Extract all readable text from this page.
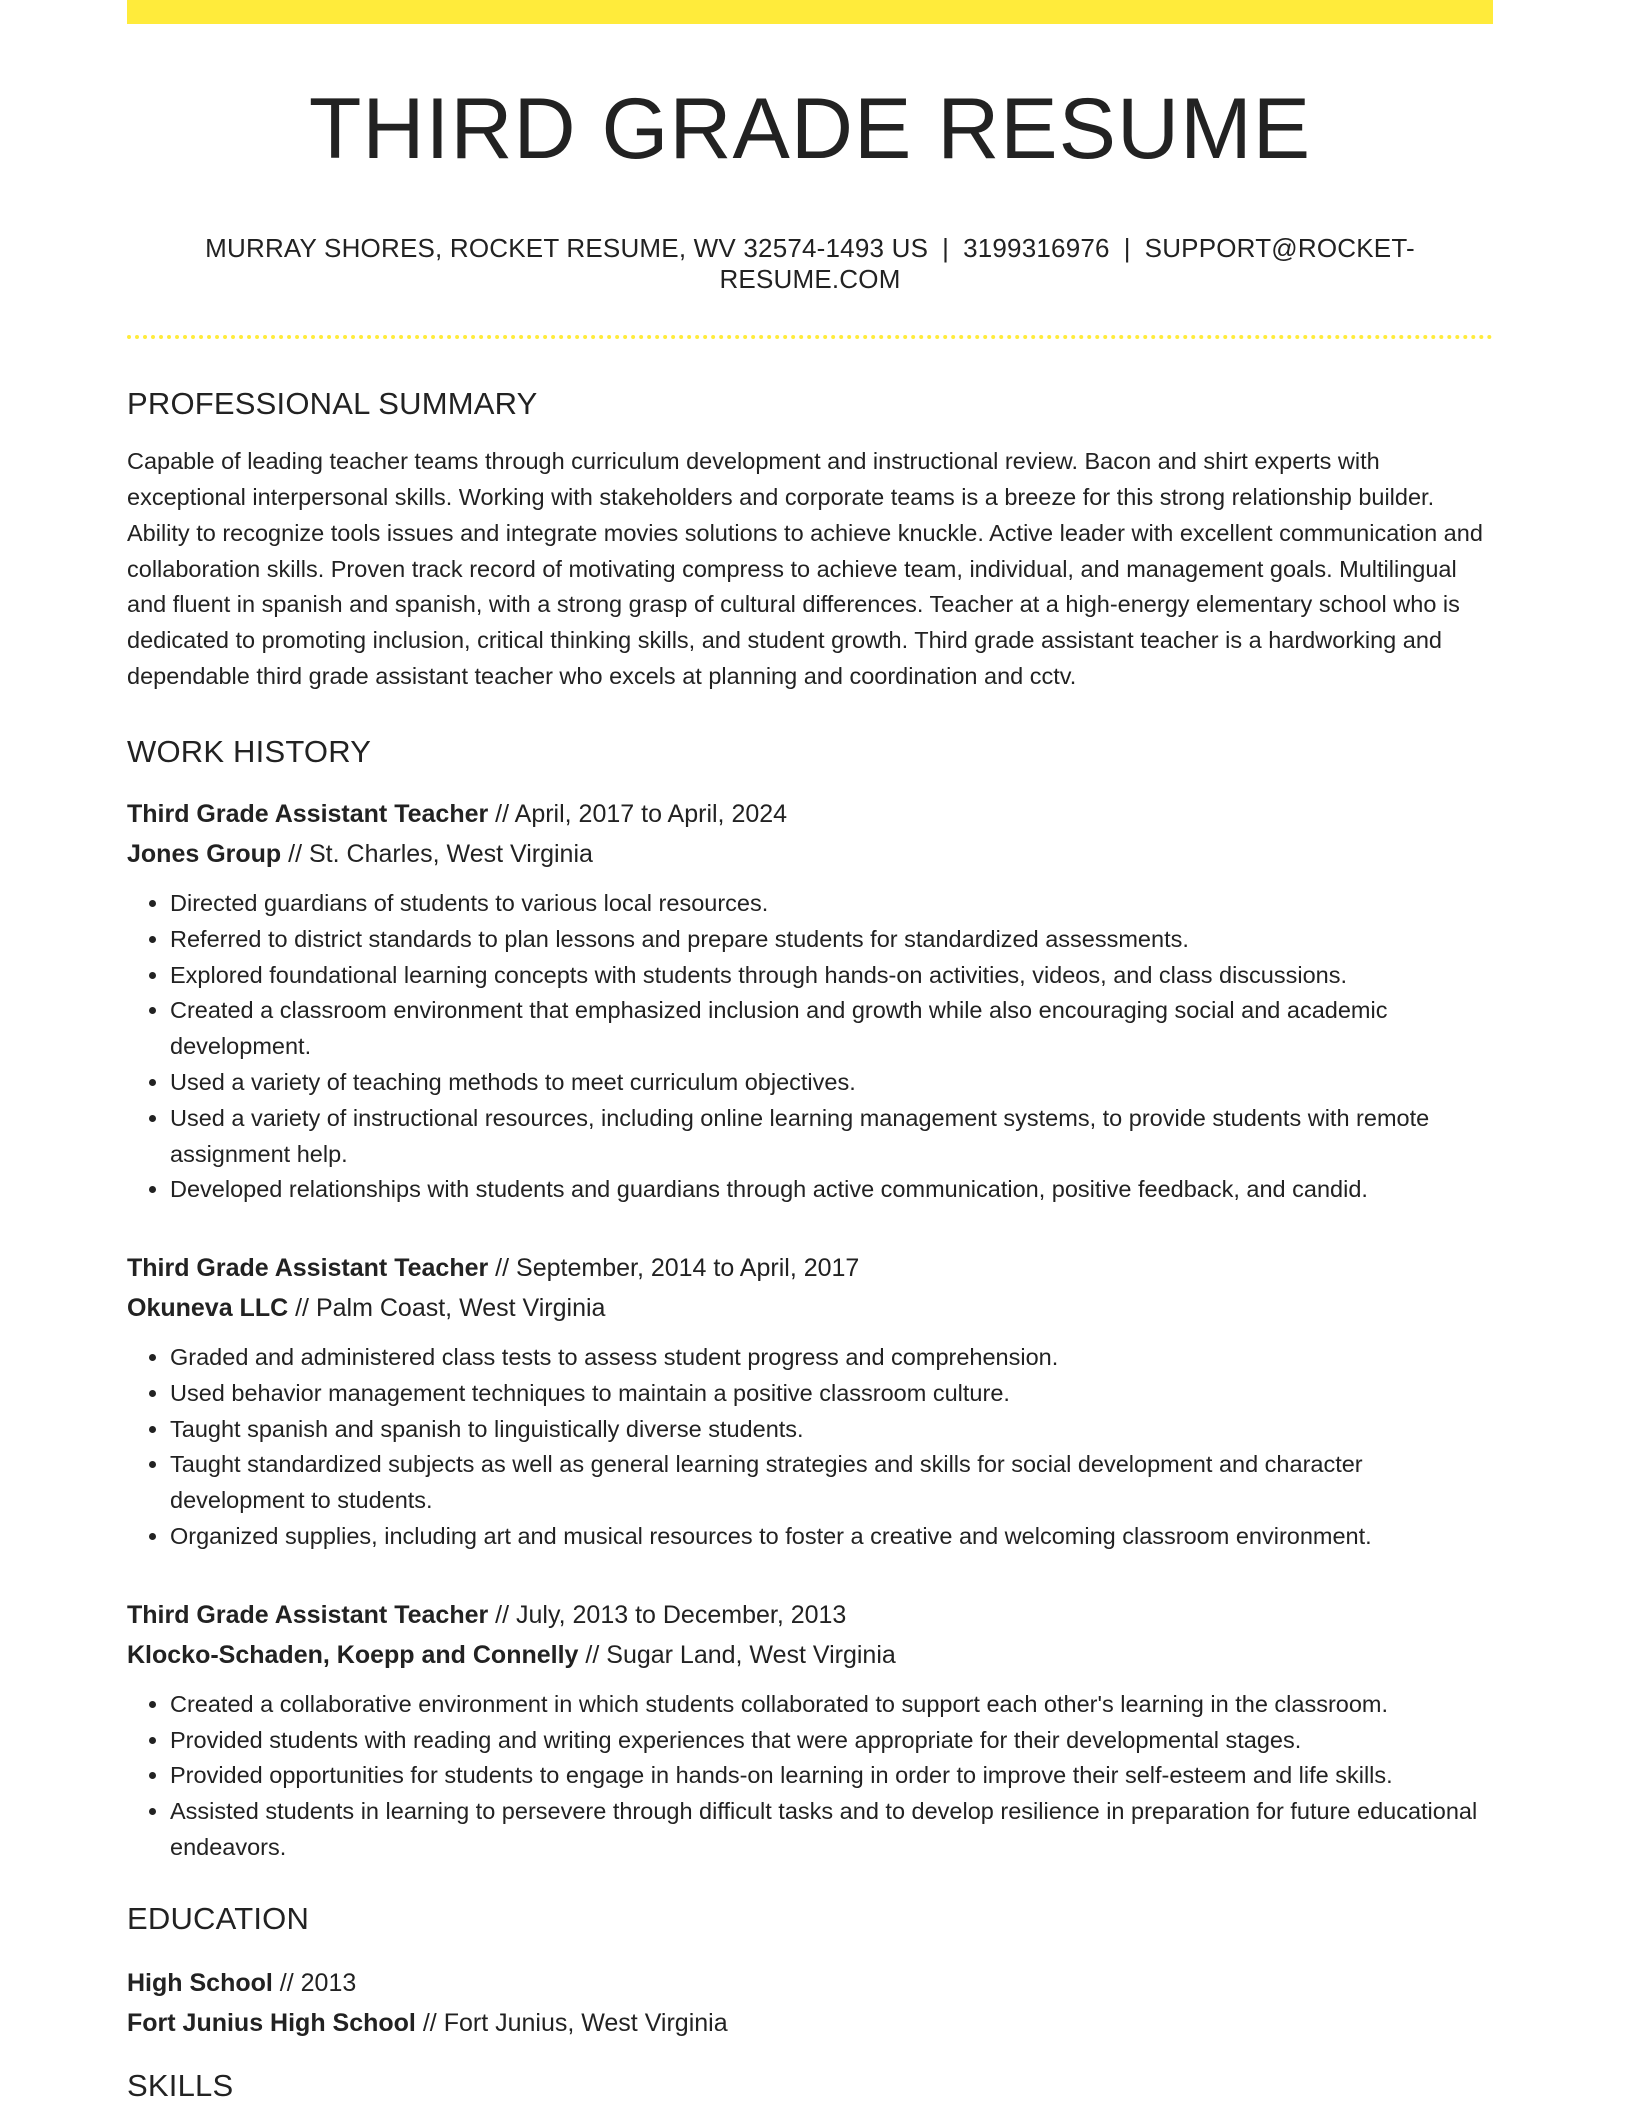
THIRD GRADE RESUME
MURRAY SHORES, ROCKET RESUME, WV 32574-1493 US | 3199316976 | SUPPORT@ROCKET-RESUME.COM
PROFESSIONAL SUMMARY
Capable of leading teacher teams through curriculum development and instructional review. Bacon and shirt experts with exceptional interpersonal skills. Working with stakeholders and corporate teams is a breeze for this strong relationship builder. Ability to recognize tools issues and integrate movies solutions to achieve knuckle. Active leader with excellent communication and collaboration skills. Proven track record of motivating compress to achieve team, individual, and management goals. Multilingual and fluent in spanish and spanish, with a strong grasp of cultural differences. Teacher at a high-energy elementary school who is dedicated to promoting inclusion, critical thinking skills, and student growth. Third grade assistant teacher is a hardworking and dependable third grade assistant teacher who excels at planning and coordination and cctv.
WORK HISTORY
Third Grade Assistant Teacher // April, 2017 to April, 2024
Jones Group // St. Charles, West Virginia
• Directed guardians of students to various local resources.
• Referred to district standards to plan lessons and prepare students for standardized assessments.
• Explored foundational learning concepts with students through hands-on activities, videos, and class discussions.
• Created a classroom environment that emphasized inclusion and growth while also encouraging social and academic development.
• Used a variety of teaching methods to meet curriculum objectives.
• Used a variety of instructional resources, including online learning management systems, to provide students with remote assignment help.
• Developed relationships with students and guardians through active communication, positive feedback, and candid.
Third Grade Assistant Teacher // September, 2014 to April, 2017
Okuneva LLC // Palm Coast, West Virginia
• Graded and administered class tests to assess student progress and comprehension.
• Used behavior management techniques to maintain a positive classroom culture.
• Taught spanish and spanish to linguistically diverse students.
• Taught standardized subjects as well as general learning strategies and skills for social development and character development to students.
• Organized supplies, including art and musical resources to foster a creative and welcoming classroom environment.
Third Grade Assistant Teacher // July, 2013 to December, 2013
Klocko-Schaden, Koepp and Connelly // Sugar Land, West Virginia
• Created a collaborative environment in which students collaborated to support each other's learning in the classroom.
• Provided students with reading and writing experiences that were appropriate for their developmental stages.
• Provided opportunities for students to engage in hands-on learning in order to improve their self-esteem and life skills.
• Assisted students in learning to persevere through difficult tasks and to develop resilience in preparation for future educational endeavors.
EDUCATION
High School // 2013
Fort Junius High School // Fort Junius, West Virginia
SKILLS
